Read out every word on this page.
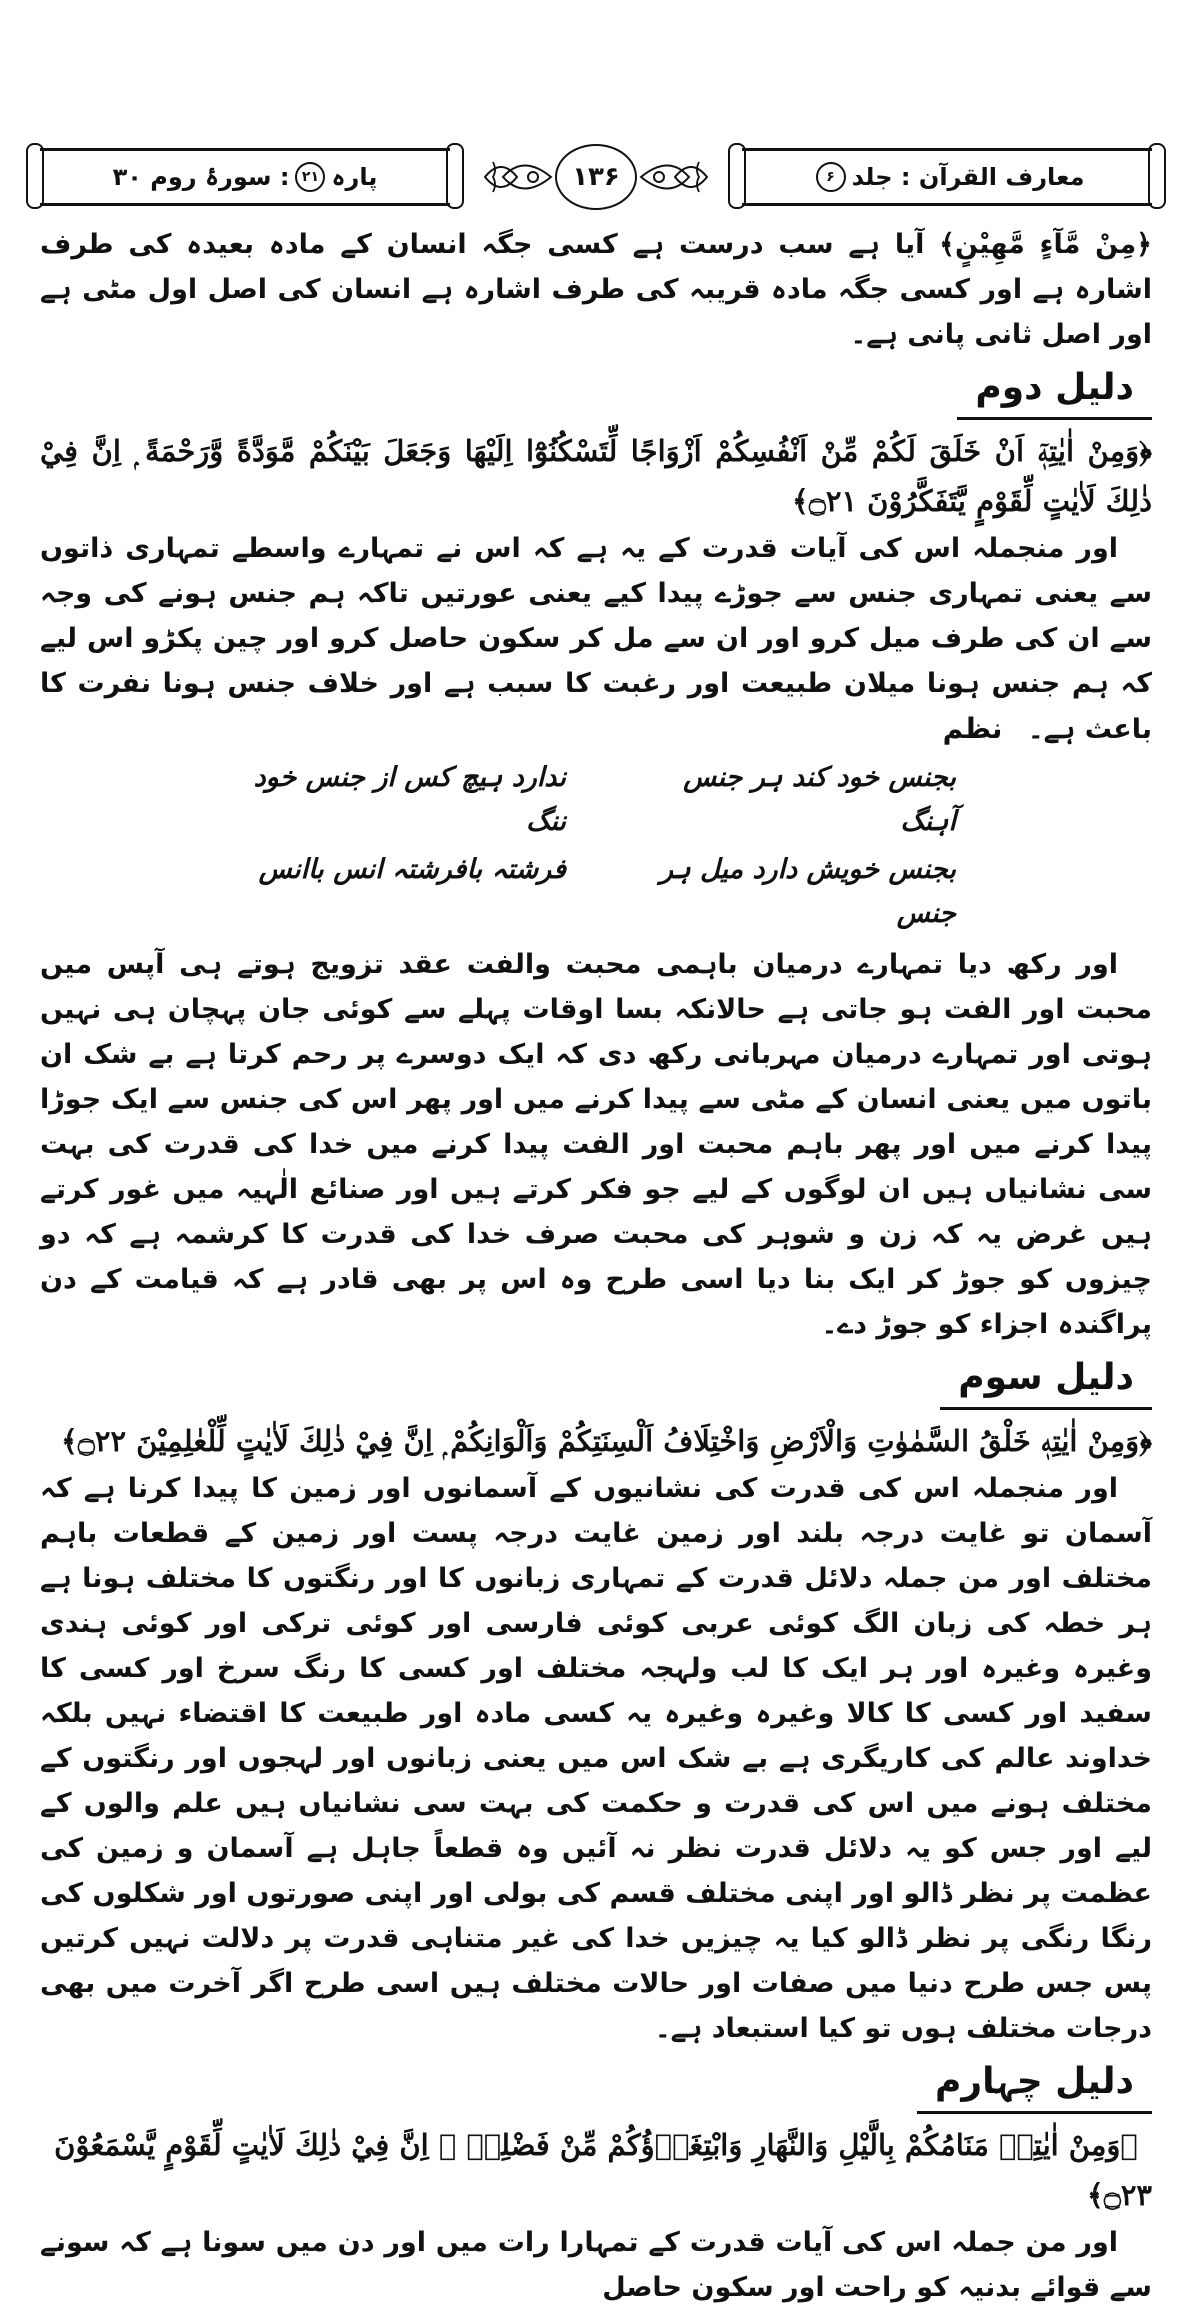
پارہ
۲۱
: سورۂ روم ۳۰	۱۳۶	معارف القرآن : جلد
۶

﴿مِنْ مَّآءٍ مَّهِيْنٍ﴾ آیا ہے سب درست ہے کسی جگہ انسان کے مادہ بعیدہ کی طرف اشارہ ہے اور کسی جگہ مادہ قریبہ کی طرف اشارہ ہے انسان کی اصل اول مٹی ہے اور اصل ثانی پانی ہے۔

دلیل دوم

﴿وَمِنْ اٰيٰتِهٖٓ اَنْ خَلَقَ لَكُمْ مِّنْ اَنْفُسِكُمْ اَزْوَاجًا لِّتَسْكُنُوْٓا اِلَيْهَا وَجَعَلَ بَيْنَكُمْ مَّوَدَّةً وَّرَحْمَةً ۭ اِنَّ فِيْ ذٰلِكَ لَاٰيٰتٍ لِّقَوْمٍ يَّتَفَكَّرُوْنَ ۝۲۱﴾

اور منجملہ اس کی آیات قدرت کے یہ ہے کہ اس نے تمہارے واسطے تمہاری ذاتوں سے یعنی تمہاری جنس سے جوڑے پیدا کیے یعنی عورتیں تاکہ ہم جنس ہونے کی وجہ سے ان کی طرف میل کرو اور ان سے مل کر سکون حاصل کرو اور چین پکڑو اس لیے کہ ہم جنس ہونا میلان طبیعت اور رغبت کا سبب ہے اور خلاف جنس ہونا نفرت کا باعث ہے۔ نظم

بجنس خود کند ہر جنس آہنگ
ندارد ہیچ کس از جنس خود ننگ
بجنس خویش دارد میل ہر جنس
فرشتہ بافرشتہ انس باانس

اور رکھ دیا تمہارے درمیان باہمی محبت والفت عقد تزویج ہوتے ہی آپس میں محبت اور الفت ہو جاتی ہے حالانکہ بسا اوقات پہلے سے کوئی جان پہچان ہی نہیں ہوتی اور تمہارے درمیان مہربانی رکھ دی کہ ایک دوسرے پر رحم کرتا ہے بے شک ان باتوں میں یعنی انسان کے مٹی سے پیدا کرنے میں اور پھر اس کی جنس سے ایک جوڑا پیدا کرنے میں اور پھر باہم محبت اور الفت پیدا کرنے میں خدا کی قدرت کی بہت سی نشانیاں ہیں ان لوگوں کے لیے جو فکر کرتے ہیں اور صنائع الٰہیہ میں غور کرتے ہیں غرض یہ کہ زن و شوہر کی محبت صرف خدا کی قدرت کا کرشمہ ہے کہ دو چیزوں کو جوڑ کر ایک بنا دیا اسی طرح وہ اس پر بھی قادر ہے کہ قیامت کے دن پراگندہ اجزاء کو جوڑ دے۔

دلیل سوم

﴿وَمِنْ اٰيٰتِهٖ خَلْقُ السَّمٰوٰتِ وَالْاَرْضِ وَاخْتِلَافُ اَلْسِنَتِكُمْ وَاَلْوَانِكُمْ ۭ اِنَّ فِيْ ذٰلِكَ لَاٰيٰتٍ لِّلْعٰلِمِيْنَ ۝۲۲﴾

اور منجملہ اس کی قدرت کی نشانیوں کے آسمانوں اور زمین کا پیدا کرنا ہے کہ آسمان تو غایت درجہ بلند اور زمین غایت درجہ پست اور زمین کے قطعات باہم مختلف اور من جملہ دلائل قدرت کے تمہاری زبانوں کا اور رنگتوں کا مختلف ہونا ہے ہر خطہ کی زبان الگ کوئی عربی کوئی فارسی اور کوئی ترکی اور کوئی ہندی وغیرہ وغیرہ اور ہر ایک کا لب ولہجہ مختلف اور کسی کا رنگ سرخ اور کسی کا سفید اور کسی کا کالا وغیرہ وغیرہ یہ کسی مادہ اور طبیعت کا اقتضاء نہیں بلکہ خداوند عالم کی کاریگری ہے بے شک اس میں یعنی زبانوں اور لہجوں اور رنگتوں کے مختلف ہونے میں اس کی قدرت و حکمت کی بہت سی نشانیاں ہیں علم والوں کے لیے اور جس کو یہ دلائل قدرت نظر نہ آئیں وہ قطعاً جاہل ہے آسمان و زمین کی عظمت پر نظر ڈالو اور اپنی مختلف قسم کی بولی اور اپنی صورتوں اور شکلوں کی رنگا رنگی پر نظر ڈالو کیا یہ چیزیں خدا کی غیر متناہی قدرت پر دلالت نہیں کرتیں پس جس طرح دنیا میں صفات اور حالات مختلف ہیں اسی طرح اگر آخرت میں بھی درجات مختلف ہوں تو کیا استبعاد ہے۔

دلیل چہارم

﴿وَمِنْ اٰيٰتِهٖ مَنَامُكُمْ بِالَّيْلِ وَالنَّهَارِ وَابْتِغَاۗؤُكُمْ مِّنْ فَضْلِهٖ ۭ اِنَّ فِيْ ذٰلِكَ لَاٰيٰتٍ لِّقَوْمٍ يَّسْمَعُوْنَ ۝۲۳﴾

اور من جملہ اس کی آیات قدرت کے تمہارا رات میں اور دن میں سونا ہے کہ سونے سے قوائے بدنیہ کو راحت اور سکون حاصل
